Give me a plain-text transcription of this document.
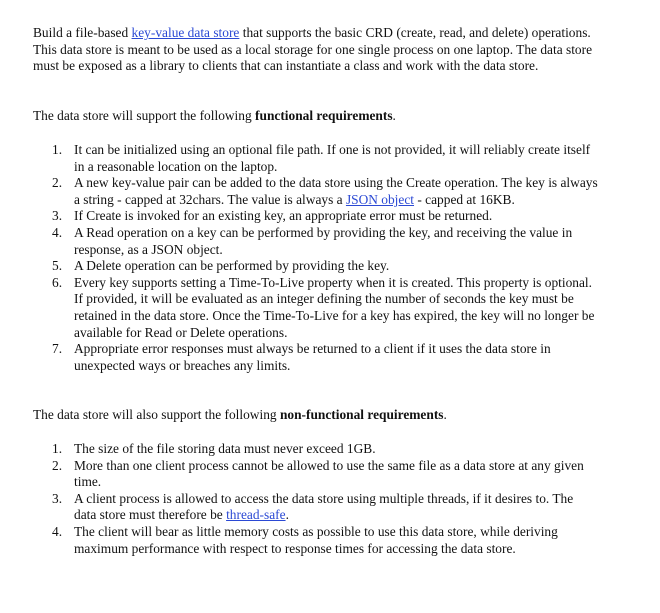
Build a file-based key-value data store that supports the basic CRD (create, read, and delete) operations. This data store is meant to be used as a local storage for one single process on one laptop. The data store must be exposed as a library to clients that can instantiate a class and work with the data store.

The data store will support the following functional requirements.

1. It can be initialized using an optional file path. If one is not provided, it will reliably create itself in a reasonable location on the laptop.
2. A new key-value pair can be added to the data store using the Create operation. The key is always a string - capped at 32chars. The value is always a JSON object - capped at 16KB.
3. If Create is invoked for an existing key, an appropriate error must be returned.
4. A Read operation on a key can be performed by providing the key, and receiving the value in response, as a JSON object.
5. A Delete operation can be performed by providing the key.
6. Every key supports setting a Time-To-Live property when it is created. This property is optional. If provided, it will be evaluated as an integer defining the number of seconds the key must be retained in the data store. Once the Time-To-Live for a key has expired, the key will no longer be available for Read or Delete operations.
7. Appropriate error responses must always be returned to a client if it uses the data store in unexpected ways or breaches any limits.

The data store will also support the following non-functional requirements.

1. The size of the file storing data must never exceed 1GB.
2. More than one client process cannot be allowed to use the same file as a data store at any given time.
3. A client process is allowed to access the data store using multiple threads, if it desires to. The data store must therefore be thread-safe.
4. The client will bear as little memory costs as possible to use this data store, while deriving maximum performance with respect to response times for accessing the data store.
